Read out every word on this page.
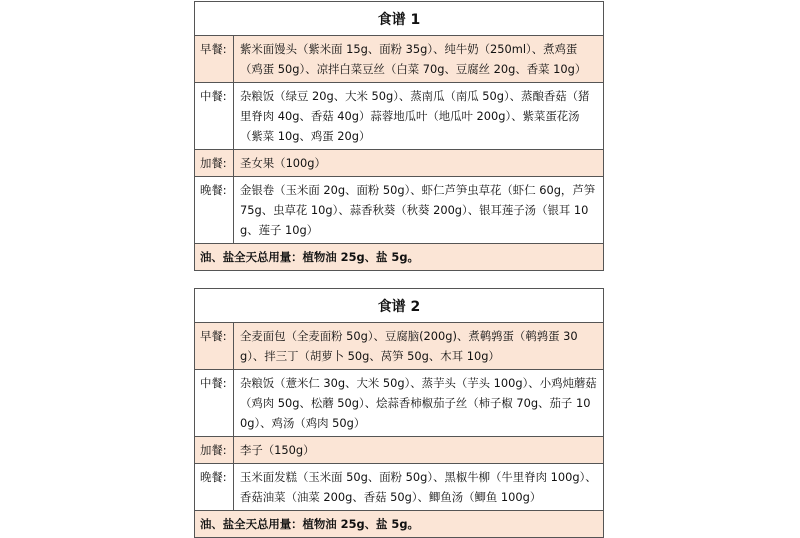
食谱 1
早餐:	紫米面馒头（紫米面 15g、面粉 35g）、纯牛奶（250ml）、煮鸡蛋（鸡蛋 50g）、凉拌白菜豆丝（白菜 70g、豆腐丝 20g、香菜 10g）
中餐:	杂粮饭（绿豆 20g、大米 50g）、蒸南瓜（南瓜 50g）、蒸酿香菇（猪里脊肉 40g、香菇 40g）蒜蓉地瓜叶（地瓜叶 200g）、紫菜蛋花汤（紫菜 10g、鸡蛋 20g）
加餐:	圣女果（100g）
晚餐:	金银卷（玉米面 20g、面粉 50g）、虾仁芦笋虫草花（虾仁 60g，芦笋 75g、虫草花 10g）、蒜香秋葵（秋葵 200g）、银耳莲子汤（银耳 10g、莲子 10g）
油、盐全天总用量：植物油 25g、盐 5g。
食谱 2
早餐:	全麦面包（全麦面粉 50g）、豆腐脑(200g)、煮鹌鹑蛋（鹌鹑蛋 30g）、拌三丁（胡萝卜 50g、莴笋 50g、木耳 10g）
中餐:	杂粮饭（薏米仁 30g、大米 50g）、蒸芋头（芋头 100g）、小鸡炖蘑菇（鸡肉 50g、松蘑 50g）、烩蒜香柿椒茄子丝（柿子椒 70g、茄子 100g）、鸡汤（鸡肉 50g）
加餐:	李子（150g）
晚餐:	玉米面发糕（玉米面 50g、面粉 50g）、黑椒牛柳（牛里脊肉 100g）、香菇油菜（油菜 200g、香菇 50g）、鲫鱼汤（鲫鱼 100g）
油、盐全天总用量：植物油 25g、盐 5g。
